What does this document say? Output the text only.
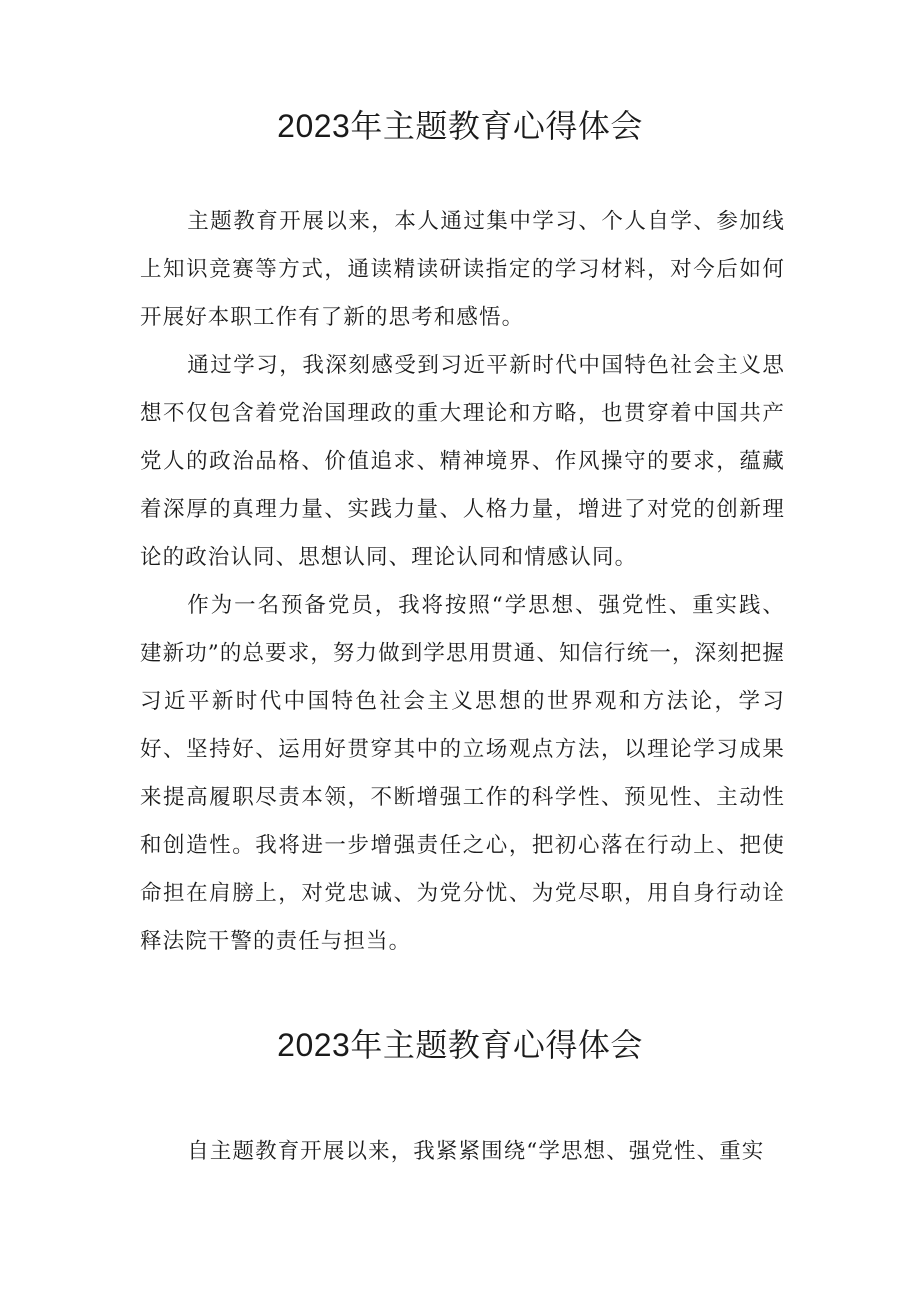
2023年主题教育心得体会

主题教育开展以来，本人通过集中学习、个人自学、参加线上知识竞赛等方式，通读精读研读指定的学习材料，对今后如何开展好本职工作有了新的思考和感悟。

通过学习，我深刻感受到习近平新时代中国特色社会主义思想不仅包含着党治国理政的重大理论和方略，也贯穿着中国共产党人的政治品格、价值追求、精神境界、作风操守的要求，蕴藏着深厚的真理力量、实践力量、人格力量，增进了对党的创新理论的政治认同、思想认同、理论认同和情感认同。

作为一名预备党员，我将按照“学思想、强党性、重实践、建新功”的总要求，努力做到学思用贯通、知信行统一，深刻把握习近平新时代中国特色社会主义思想的世界观和方法论，学习好、坚持好、运用好贯穿其中的立场观点方法，以理论学习成果来提高履职尽责本领，不断增强工作的科学性、预见性、主动性和创造性。我将进一步增强责任之心，把初心落在行动上、把使命担在肩膀上，对党忠诚、为党分忧、为党尽职，用自身行动诠释法院干警的责任与担当。

2023年主题教育心得体会

自主题教育开展以来，我紧紧围绕“学思想、强党性、重实
